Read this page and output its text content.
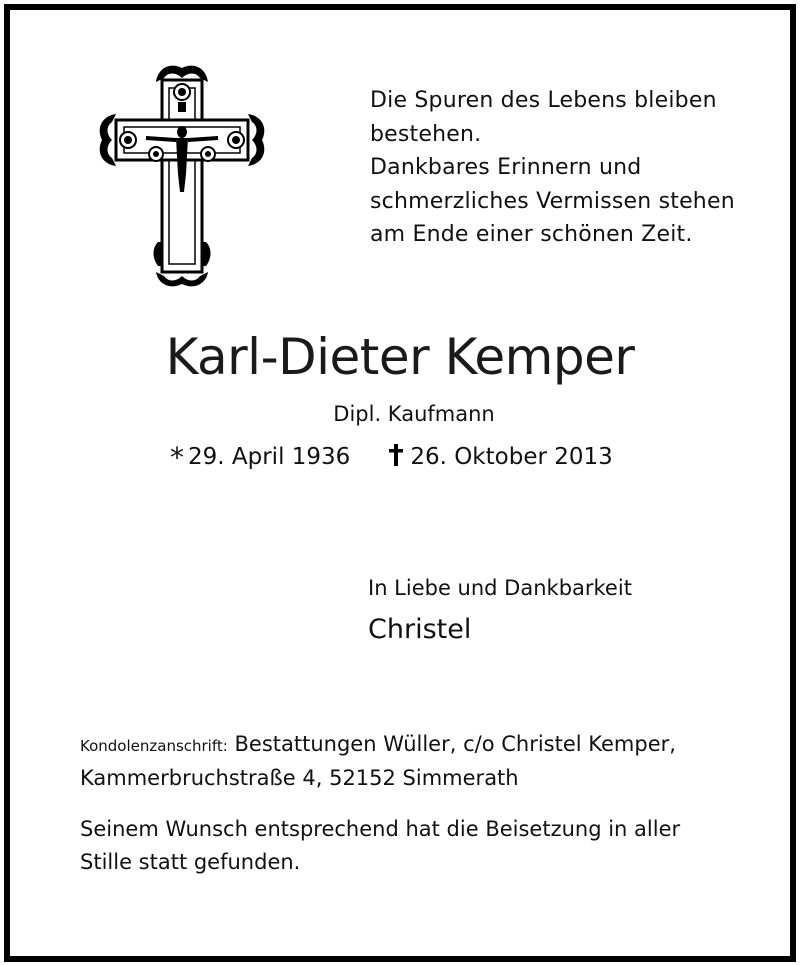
Die Spuren des Lebens bleiben
bestehen.
Dankbares Erinnern und
schmerzliches Vermissen stehen
am Ende einer schönen Zeit.
Karl-Dieter Kemper
Dipl. Kaufmann
* 29. April 1936	26. Oktober 2013
In Liebe und Dankbarkeit
Christel
Kondolenzanschrift: Bestattungen Wüller, c/o Christel Kemper,
Kammerbruchstraße 4, 52152 Simmerath
Seinem Wunsch entsprechend hat die Beisetzung in aller
Stille statt gefunden.
